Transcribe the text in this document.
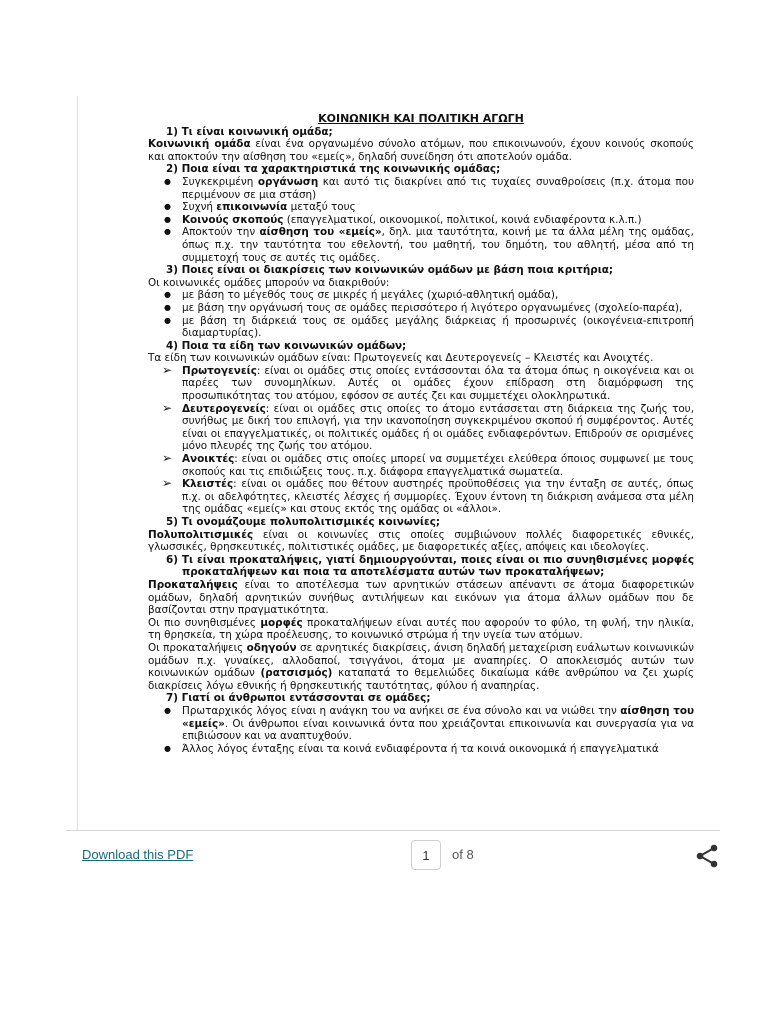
ΚΟΙΝΩΝΙΚΗ ΚΑΙ ΠΟΛΙΤΙΚΗ ΑΓΩΓΗ

1) Τι είναι κοινωνική ομάδα;

Κοινωνική ομάδα είναι ένα οργανωμένο σύνολο ατόμων, που επικοινωνούν, έχουν κοινούς σκοπούς και αποκτούν την αίσθηση του «εμείς», δηλαδή συνείδηση ότι αποτελούν ομάδα.

2) Ποια είναι τα χαρακτηριστικά της κοινωνικής ομάδας;

● Συγκεκριμένη οργάνωση και αυτό τις διακρίνει από τις τυχαίες συναθροίσεις (π.χ. άτομα που περιμένουν σε μια στάση)
● Συχνή επικοινωνία μεταξύ τους
● Κοινούς σκοπούς (επαγγελματικοί, οικονομικοί, πολιτικοί, κοινά ενδιαφέροντα κ.λ.π.)
● Αποκτούν την αίσθηση του «εμείς», δηλ. μια ταυτότητα, κοινή με τα άλλα μέλη της ομάδας, όπως π.χ. την ταυτότητα του εθελοντή, του μαθητή, του δημότη, του αθλητή, μέσα από τη συμμετοχή τους σε αυτές τις ομάδες.

3) Ποιες είναι οι διακρίσεις των κοινωνικών ομάδων με βάση ποια κριτήρια;

Οι κοινωνικές ομάδες μπορούν να διακριθούν:

● με βάση το μέγεθός τους σε μικρές ή μεγάλες (χωριό-αθλητική ομάδα),
● με βάση την οργάνωσή τους σε ομάδες περισσότερο ή λιγότερο οργανωμένες (σχολείο-παρέα),
● με βάση τη διάρκειά τους σε ομάδες μεγάλης διάρκειας ή προσωρινές (οικογένεια-επιτροπή διαμαρτυρίας).

4) Ποια τα είδη των κοινωνικών ομάδων;

Τα είδη των κοινωνικών ομάδων είναι: Πρωτογενείς και Δευτερογενείς – Κλειστές και Ανοιχτές.

➢ Πρωτογενείς: είναι οι ομάδες στις οποίες εντάσσονται όλα τα άτομα όπως η οικογένεια και οι παρέες των συνομηλίκων. Αυτές οι ομάδες έχουν επίδραση στη διαμόρφωση της προσωπικότητας του ατόμου, εφόσον σε αυτές ζει και συμμετέχει ολοκληρωτικά.
➢ Δευτερογενείς: είναι οι ομάδες στις οποίες το άτομο εντάσσεται στη διάρκεια της ζωής του, συνήθως με δική του επιλογή, για την ικανοποίηση συγκεκριμένου σκοπού ή συμφέροντος. Αυτές είναι οι επαγγελματικές, οι πολιτικές ομάδες ή οι ομάδες ενδιαφερόντων. Επιδρούν σε ορισμένες μόνο πλευρές της ζωής του ατόμου.
➢ Ανοικτές: είναι οι ομάδες στις οποίες μπορεί να συμμετέχει ελεύθερα όποιος συμφωνεί με τους σκοπούς και τις επιδιώξεις τους. π.χ. διάφορα επαγγελματικά σωματεία.
➢ Κλειστές: είναι οι ομάδες που θέτουν αυστηρές προϋποθέσεις για την ένταξη σε αυτές, όπως π.χ. οι αδελφότητες, κλειστές λέσχες ή συμμορίες. Έχουν έντονη τη διάκριση ανάμεσα στα μέλη της ομάδας «εμείς» και στους εκτός της ομάδας οι «άλλοι».

5) Τι ονομάζουμε πολυπολιτισμικές κοινωνίες;

Πολυπολιτισμικές είναι οι κοινωνίες στις οποίες συμβιώνουν πολλές διαφορετικές εθνικές, γλωσσικές, θρησκευτικές, πολιτιστικές ομάδες, με διαφορετικές αξίες, απόψεις και ιδεολογίες.

6) Τι είναι προκαταλήψεις, γιατί δημιουργούνται, ποιες είναι οι πιο συνηθισμένες μορφές προκαταλήψεων και ποια τα αποτελέσματα αυτών των προκαταλήψεων;

Προκαταλήψεις είναι το αποτέλεσμα των αρνητικών στάσεων απέναντι σε άτομα διαφορετικών ομάδων, δηλαδή αρνητικών συνήθως αντιλήψεων και εικόνων για άτομα άλλων ομάδων που δε βασίζονται στην πραγματικότητα.

Οι πιο συνηθισμένες μορφές προκαταλήψεων είναι αυτές που αφορούν το φύλο, τη φυλή, την ηλικία, τη θρησκεία, τη χώρα προέλευσης, το κοινωνικό στρώμα ή την υγεία των ατόμων.

Οι προκαταλήψεις οδηγούν σε αρνητικές διακρίσεις, άνιση δηλαδή μεταχείριση ευάλωτων κοινωνικών ομάδων π.χ. γυναίκες, αλλοδαποί, τσιγγάνοι, άτομα με αναπηρίες. Ο αποκλεισμός αυτών των κοινωνικών ομάδων (ρατσισμός) καταπατά το θεμελιώδες δικαίωμα κάθε ανθρώπου να ζει χωρίς διακρίσεις λόγω εθνικής ή θρησκευτικής ταυτότητας, φύλου ή αναπηρίας.

7) Γιατί οι άνθρωποι εντάσσονται σε ομάδες;

● Πρωταρχικός λόγος είναι η ανάγκη του να ανήκει σε ένα σύνολο και να νιώθει την αίσθηση του «εμείς». Οι άνθρωποι είναι κοινωνικά όντα που χρειάζονται επικοινωνία και συνεργασία για να επιβιώσουν και να αναπτυχθούν.
● Άλλος λόγος ένταξης είναι τα κοινά ενδιαφέροντα ή τα κοινά οικονομικά ή επαγγελματικά
Download this PDF	1	of 8
